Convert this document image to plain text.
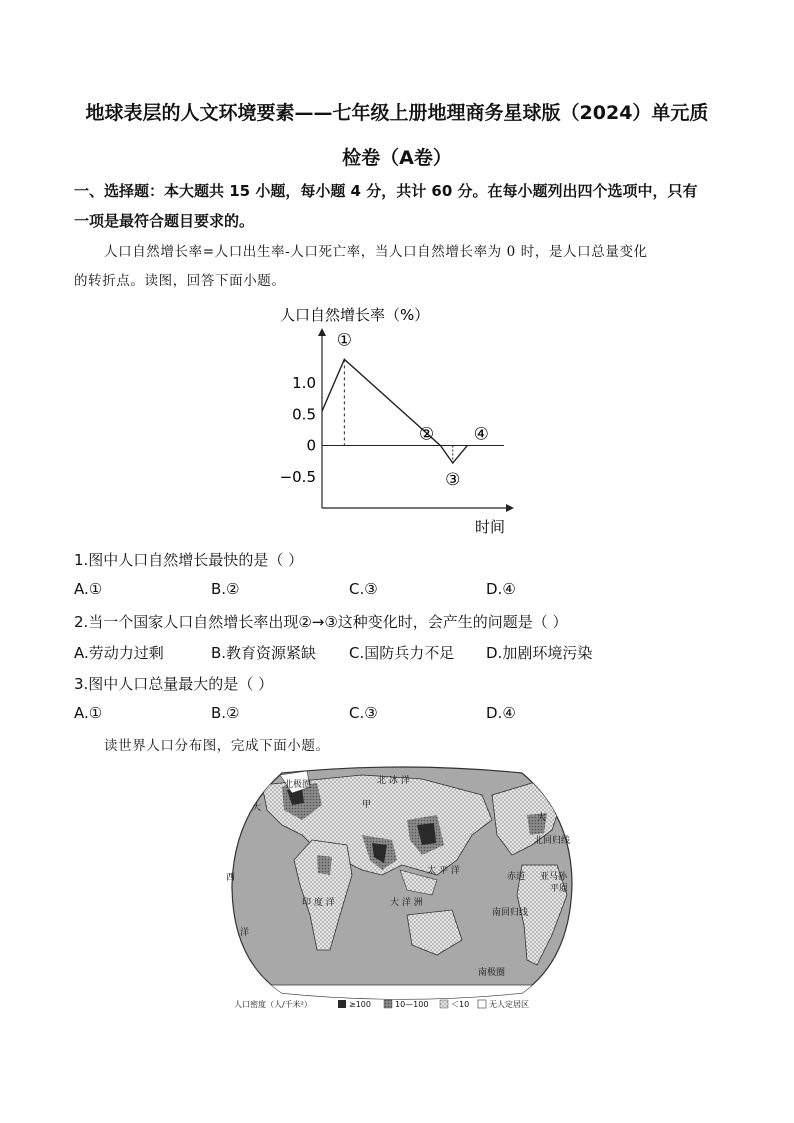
地球表层的人文环境要素——七年级上册地理商务星球版（2024）单元质
检卷（A卷）
一、选择题：本大题共 15 小题，每小题 4 分，共计 60 分。在每小题列出四个选项中，只有
一项是最符合题目要求的。
人口自然增长率=人口出生率-人口死亡率，当人口自然增长率为 0 时，是人口总量变化
的转折点。读图，回答下面小题。
人口自然增长率（%）
时间
1.0
0.5
0
−0.5
①
②
③
④
1.图中人口自然增长最快的是（ ）
A.①	B.②	C.③	D.④
2.当一个国家人口自然增长率出现②→③这种变化时，会产生的问题是（ ）
A.劳动力过剩	B.教育资源紧缺 C.国防兵力不足 D.加剧环境污染
3.图中人口总量最大的是（ ）
A.①	B.②	C.③	D.④
读世界人口分布图，完成下面小题。
北极圈	北 冰 洋
甲
北回归线
赤道 亚马孙
平原
太 平 洋
印 度 洋	大 洋 洲
南回归线
南极圈
大
大
西
洋
人口密度（人/千米²）	≥100	10—100	＜10 无人定居区
